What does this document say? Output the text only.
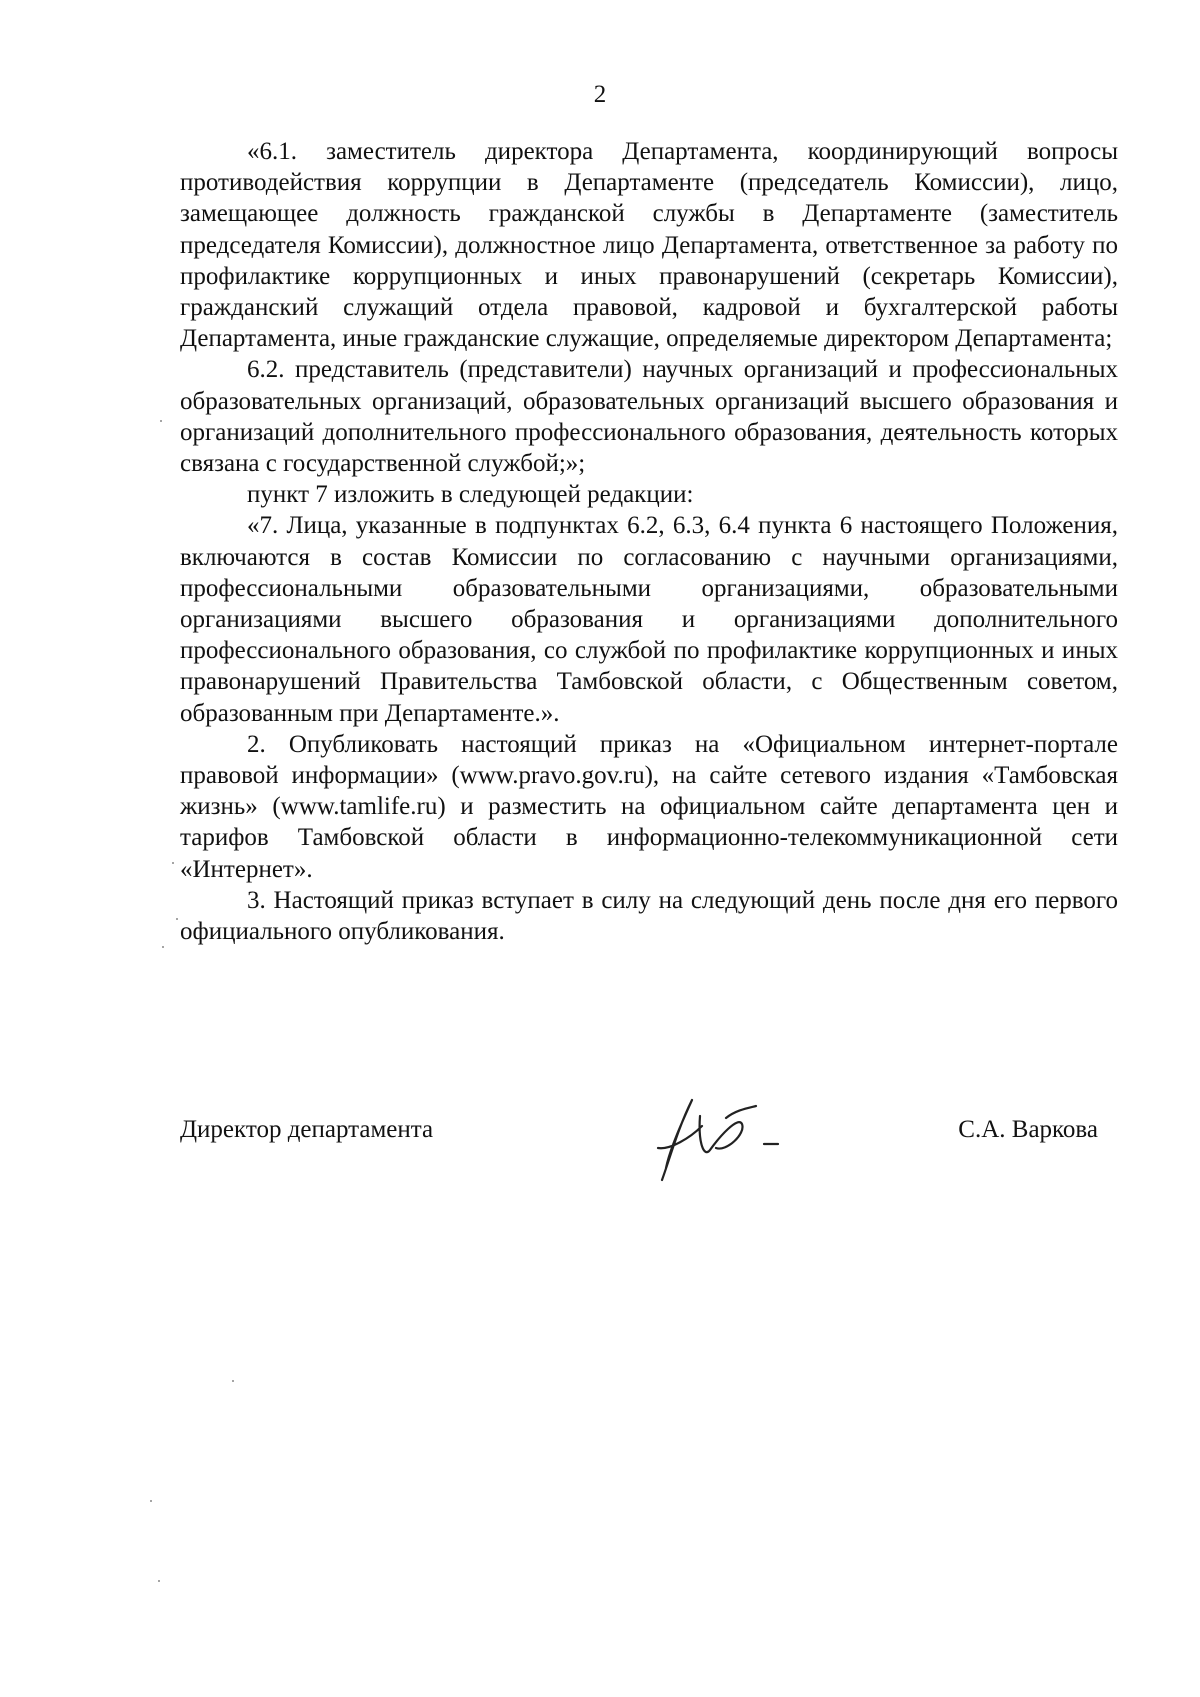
2

«6.1. заместитель директора Департамента, координирующий вопросы противодействия коррупции в Департаменте (председатель Комиссии), лицо, замещающее должность гражданской службы в Департаменте (заместитель председателя Комиссии), должностное лицо Департамента, ответственное за работу по профилактике коррупционных и иных правонарушений (секретарь Комиссии), гражданский служащий отдела правовой, кадровой и бухгалтерской работы Департамента, иные гражданские служащие, определяемые директором Департамента;

6.2. представитель (представители) научных организаций и профессиональных образовательных организаций, образовательных организаций высшего образования и организаций дополнительного профессионального образования, деятельность которых связана с государственной службой;»;

пункт 7 изложить в следующей редакции:

«7. Лица, указанные в подпунктах 6.2, 6.3, 6.4 пункта 6 настоящего Положения, включаются в состав Комиссии по согласованию с научными организациями, профессиональными образовательными организациями, образовательными организациями высшего образования и организациями дополнительного профессионального образования, со службой по профилактике коррупционных и иных правонарушений Правительства Тамбовской области, с Общественным советом, образованным при Департаменте.».

2. Опубликовать настоящий приказ на «Официальном интернет-портале правовой информации» (www.pravo.gov.ru), на сайте сетевого издания «Тамбовская жизнь» (www.tamlife.ru) и разместить на официальном сайте департамента цен и тарифов Тамбовской области в информационно-телекоммуникационной сети «Интернет».

3. Настоящий приказ вступает в силу на следующий день после дня его первого официального опубликования.

Директор департамента	С.А. Варкова
